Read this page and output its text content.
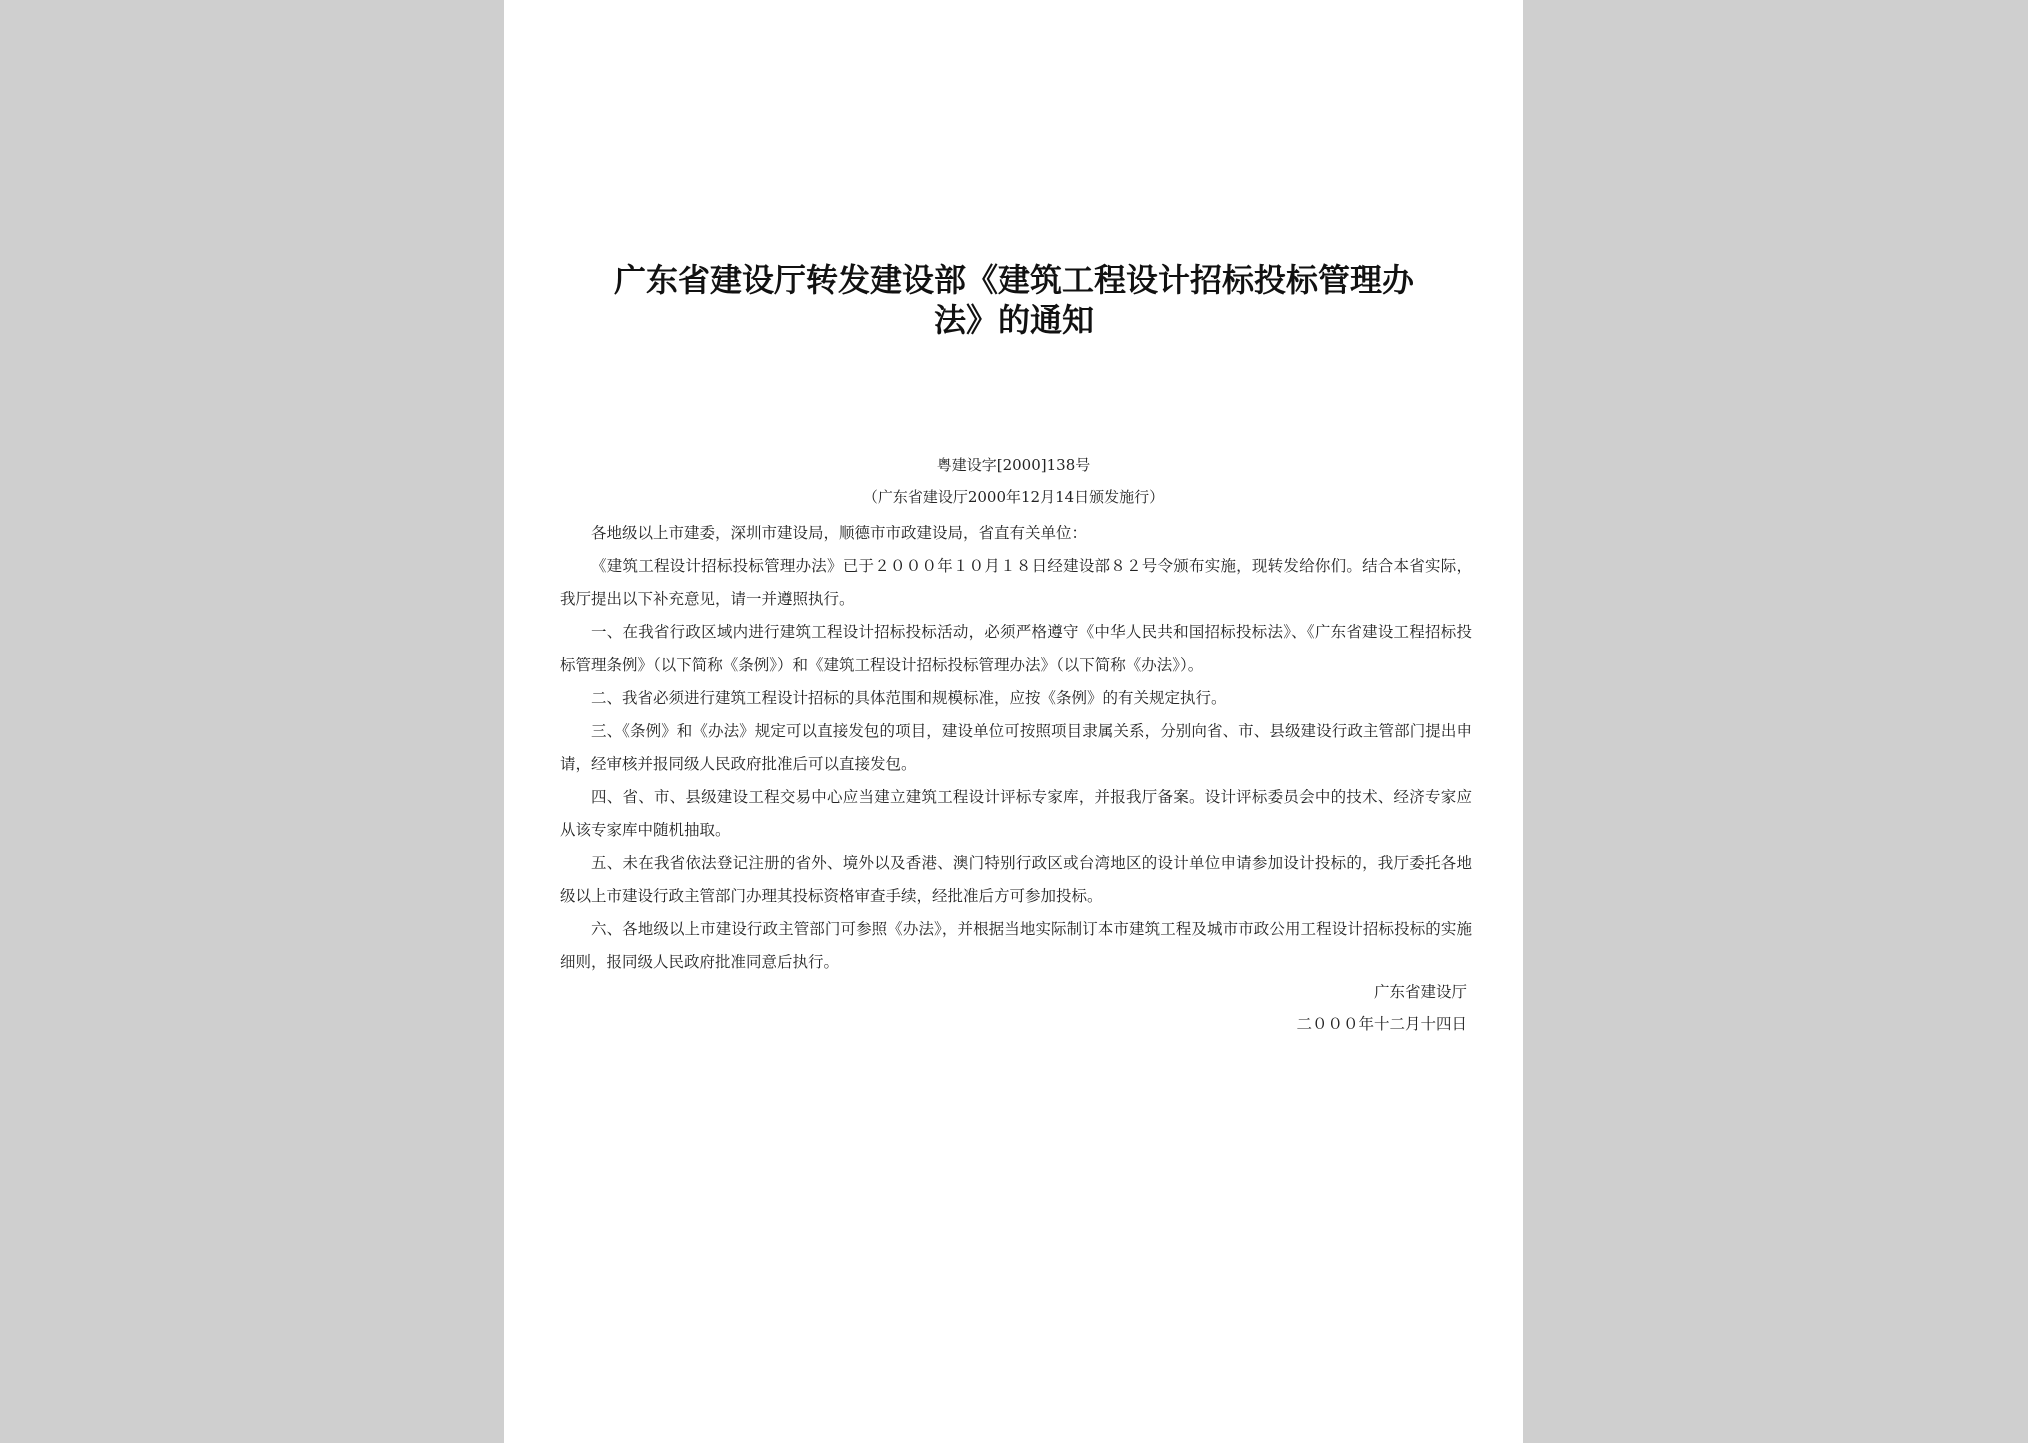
广东省建设厅转发建设部《建筑工程设计招标投标管理办法》的通知
粤建设字[2000]138号
（广东省建设厅2000年12月14日颁发施行）

各地级以上市建委，深圳市建设局，顺德市市政建设局，省直有关单位：

《建筑工程设计招标投标管理办法》已于２０００年１０月１８日经建设部８２号令颁布实施，现转发给你们。结合本省实际，我厅提出以下补充意见，请一并遵照执行。

一、在我省行政区域内进行建筑工程设计招标投标活动，必须严格遵守《中华人民共和国招标投标法》、《广东省建设工程招标投标管理条例》（以下简称《条例》）和《建筑工程设计招标投标管理办法》（以下简称《办法》）。

二、我省必须进行建筑工程设计招标的具体范围和规模标准，应按《条例》的有关规定执行。

三、《条例》和《办法》规定可以直接发包的项目，建设单位可按照项目隶属关系，分别向省、市、县级建设行政主管部门提出申请，经审核并报同级人民政府批准后可以直接发包。

四、省、市、县级建设工程交易中心应当建立建筑工程设计评标专家库，并报我厅备案。设计评标委员会中的技术、经济专家应从该专家库中随机抽取。

五、未在我省依法登记注册的省外、境外以及香港、澳门特别行政区或台湾地区的设计单位申请参加设计投标的，我厅委托各地级以上市建设行政主管部门办理其投标资格审查手续，经批准后方可参加投标。

六、各地级以上市建设行政主管部门可参照《办法》，并根据当地实际制订本市建筑工程及城市市政公用工程设计招标投标的实施细则，报同级人民政府批准同意后执行。

广东省建设厅
二０００年十二月十四日
